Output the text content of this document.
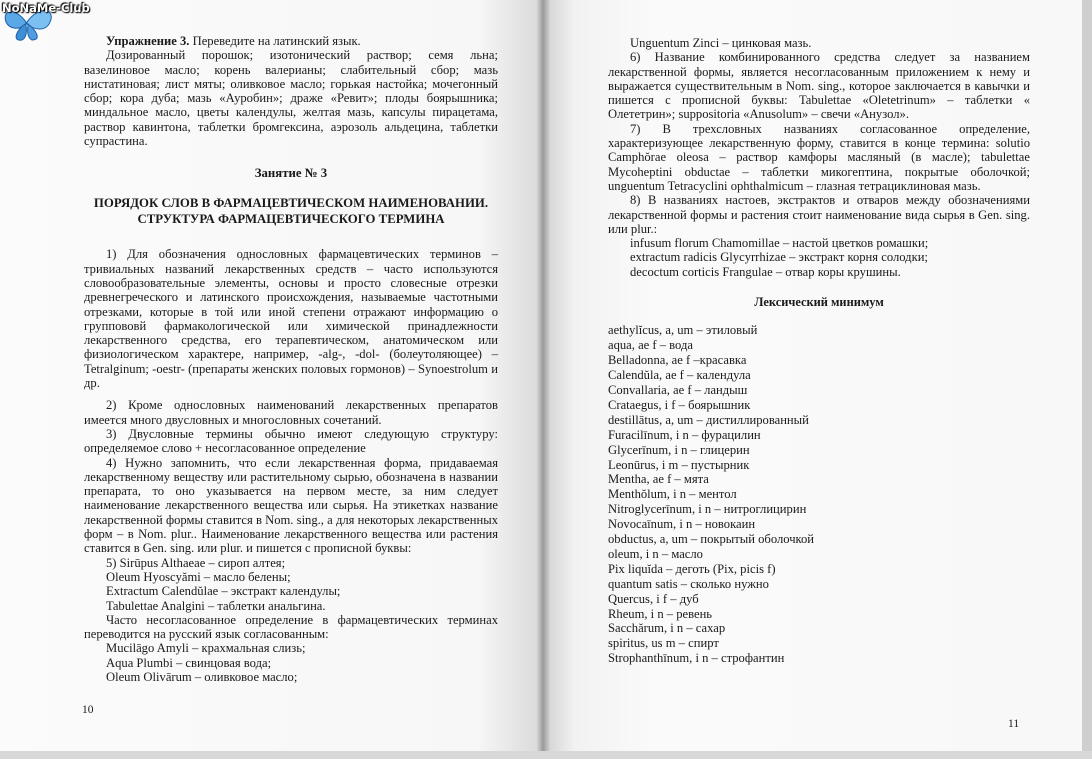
Упражнение 3. Переведите на латинский язык.

Дозированный порошок; изотонический раствор; семя льна; вазелиновое масло; корень валерианы; слабительный сбор; мазь нистатиновая; лист мяты; оливковое масло; горькая настойка; мочегонный сбор; кора дуба; мазь «Ауробин»; драже «Ревит»; плоды боярышника; миндальное масло, цветы календулы, желтая мазь, капсулы пирацетама, раствор кавинтона, таблетки бромгексина, аэрозоль альдецина, таблетки супрастина.

Занятие № 3

ПОРЯДОК СЛОВ В ФАРМАЦЕВТИЧЕСКОМ НАИМЕНОВАНИИ.
СТРУКТУРА ФАРМАЦЕВТИЧЕСКОГО ТЕРМИНА

1) Для обозначения однословных фармацевтических терминов – тривиальных названий лекарственных средств – часто используются словообразовательные элементы, основы и просто словесные отрезки древнегреческого и латинского происхождения, называемые частотными отрезками, которые в той или иной степени отражают информацию о группововй фармакологической или химической принадлежности лекарственного средства, его терапевтическом, анатомическом или физиологическом характере, например, -alg-, -dol- (болеутоляющее) – Tetralginum; -oestr- (препараты женских половых гормонов) – Synoestrolum и др.

2) Кроме однословных наименований лекарственных препаратов имеется много двусловных и многословных сочетаний.

3) Двусловные термины обычно имеют следующую структуру: определяемое слово + несогласованное определение

4) Нужно запомнить, что если лекарственная форма, придаваемая лекарственному веществу или растительному сырью, обозначена в названии препарата, то оно указывается на первом месте, за ним следует наименование лекарственного вещества или сырья. На этикетках название лекарственной формы ставится в Nom. sing., а для некоторых лекарственных форм – в Nom. plur.. Наименование лекарственного вещества или растения ставится в Gen. sing. или plur. и пишется с прописной буквы:

5) Sirūpus Althaeae – сироп алтея;

Oleum Hyoscyămi – масло белены;

Extractum Calendŭlae – экстракт календулы;

Tabulettae Analgini – таблетки анальгина.

Часто несогласованное определение в фармацевтических терминах переводится на русский язык согласованным:

Mucilāgo Amyli – крахмальная слизь;

Aqua Plumbi – свинцовая вода;

Oleum Olivārum – оливковое масло;

Unguentum Zinci – цинковая мазь.

6) Название комбинированного средства следует за названием лекарственной формы, является несогласованным приложением к нему и выражается существительным в Nom. sing., которое заключается в кавычки и пишется с прописной буквы: Tabulettae «Oletetrinum» – таблетки « Олететрин»; suppositoria «Anusolum» – свечи «Анузол».

7) В трехсловных названиях согласованное определение, характеризующее лекарственную форму, ставится в конце термина: solutio Camphŏrae oleosa – раствор камфоры масляный (в масле); tabulettae Mycoheptini obductae – таблетки микогептина, покрытые оболочкой; unguentum Tetracyclini ophthalmicum – глазная тетрациклиновая мазь.

8) В названиях настоев, экстрактов и отваров между обозначениями лекарственной формы и растения стоит наименование вида сырья в Gen. sing. или plur.:

infusum florum Chamomillae – настой цветков ромашки;

extractum radicis Glycyrrhizae – экстракт корня солодки;

decoctum corticis Frangulae – отвар коры крушины.

Лексический минимум

aethylĭcus, a, um – этиловый
aqua, ae f – вода
Belladonna, ae f –красавка
Calendŭla, ae f – календула
Convallaria, ae f – ландыш
Crataegus, i f – боярышник
destillātus, a, um – дистиллированный
Furacilīnum, i n – фурацилин
Glycerīnum, i n – глицерин
Leonūrus, i m – пустырник
Mentha, ae f – мята
Menthŏlum, i n – ментол
Nitroglycerīnum, i n – нитроглицирин
Novocaīnum, i n – новокаин
obductus, a, um – покрытый оболочкой
oleum, i n – масло
Pix liquĭda – деготь (Pix, picis f)
quantum satis – сколько нужно
Quercus, i f – дуб
Rheum, i n – ревень
Sacchărum, i n – сахар
spiritus, us m – спирт
Strophanthīnum, i n – строфантин
10
11
NoNaMe-Club
